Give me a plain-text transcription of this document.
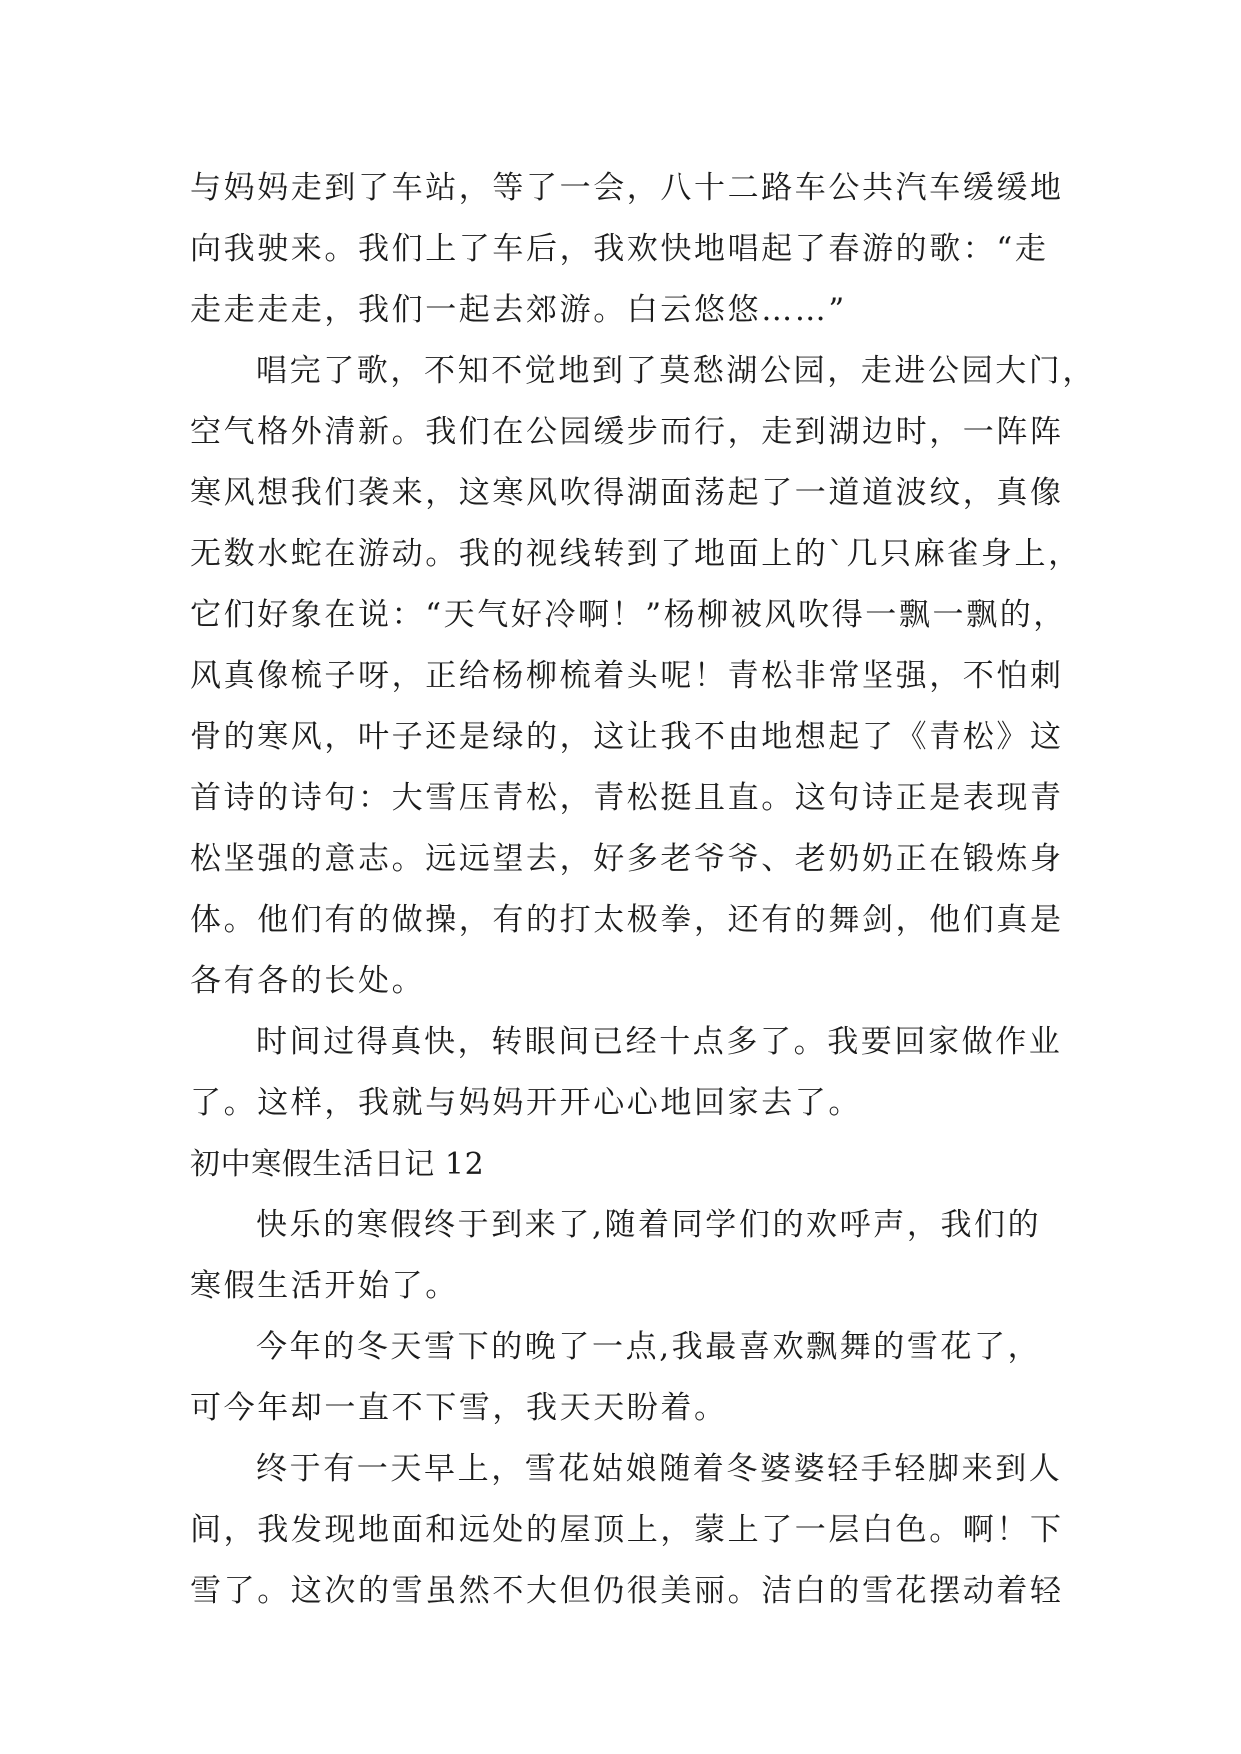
与妈妈走到了车站，等了一会，八十二路车公共汽车缓缓地
向我驶来。我们上了车后，我欢快地唱起了春游的歌：“走
走走走走，我们一起去郊游。白云悠悠……”
唱完了歌，不知不觉地到了莫愁湖公园，走进公园大门，
空气格外清新。我们在公园缓步而行，走到湖边时，一阵阵
寒风想我们袭来，这寒风吹得湖面荡起了一道道波纹，真像
无数水蛇在游动。我的视线转到了地面上的`几只麻雀身上，
它们好象在说：“天气好冷啊！”杨柳被风吹得一飘一飘的，
风真像梳子呀，正给杨柳梳着头呢！青松非常坚强，不怕刺
骨的寒风，叶子还是绿的，这让我不由地想起了《青松》这
首诗的诗句：大雪压青松，青松挺且直。这句诗正是表现青
松坚强的意志。远远望去，好多老爷爷、老奶奶正在锻炼身
体。他们有的做操，有的打太极拳，还有的舞剑，他们真是
各有各的长处。
时间过得真快，转眼间已经十点多了。我要回家做作业
了。这样，我就与妈妈开开心心地回家去了。
初中寒假生活日记 12
快乐的寒假终于到来了,随着同学们的欢呼声，我们的
寒假生活开始了。
今年的冬天雪下的晚了一点,我最喜欢飘舞的雪花了，
可今年却一直不下雪，我天天盼着。
终于有一天早上，雪花姑娘随着冬婆婆轻手轻脚来到人
间，我发现地面和远处的屋顶上，蒙上了一层白色。啊！下
雪了。这次的雪虽然不大但仍很美丽。洁白的雪花摆动着轻
